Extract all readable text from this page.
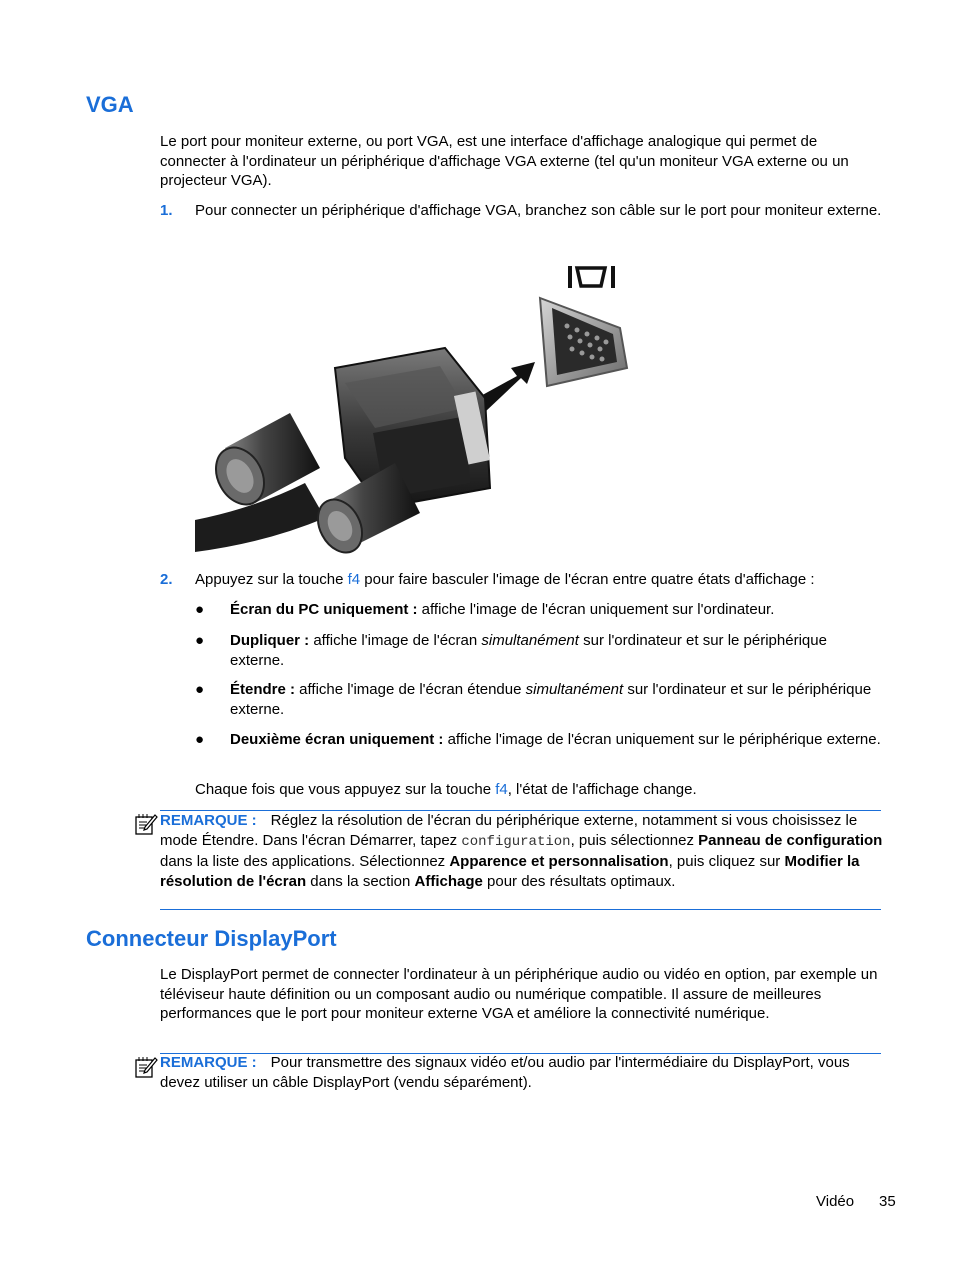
VGA

Le port pour moniteur externe, ou port VGA, est une interface d'affichage analogique qui permet de connecter à l'ordinateur un périphérique d'affichage VGA externe (tel qu'un moniteur VGA externe ou un projecteur VGA).

1. Pour connecter un périphérique d'affichage VGA, branchez son câble sur le port pour moniteur externe.

2. Appuyez sur la touche f4 pour faire basculer l'image de l'écran entre quatre états d'affichage :

● Écran du PC uniquement : affiche l'image de l'écran uniquement sur l'ordinateur.

● Dupliquer : affiche l'image de l'écran simultanément sur l'ordinateur et sur le périphérique externe.

● Étendre : affiche l'image de l'écran étendue simultanément sur l'ordinateur et sur le périphérique externe.

● Deuxième écran uniquement : affiche l'image de l'écran uniquement sur le périphérique externe.

Chaque fois que vous appuyez sur la touche f4, l'état de l'affichage change.

REMARQUE : Réglez la résolution de l'écran du périphérique externe, notamment si vous choisissez le mode Étendre. Dans l'écran Démarrer, tapez configuration, puis sélectionnez Panneau de configuration dans la liste des applications. Sélectionnez Apparence et personnalisation, puis cliquez sur Modifier la résolution de l'écran dans la section Affichage pour des résultats optimaux.

Connecteur DisplayPort

Le DisplayPort permet de connecter l'ordinateur à un périphérique audio ou vidéo en option, par exemple un téléviseur haute définition ou un composant audio ou numérique compatible. Il assure de meilleures performances que le port pour moniteur externe VGA et améliore la connectivité numérique.

REMARQUE : Pour transmettre des signaux vidéo et/ou audio par l'intermédiaire du DisplayPort, vous devez utiliser un câble DisplayPort (vendu séparément).

Vidéo 35
